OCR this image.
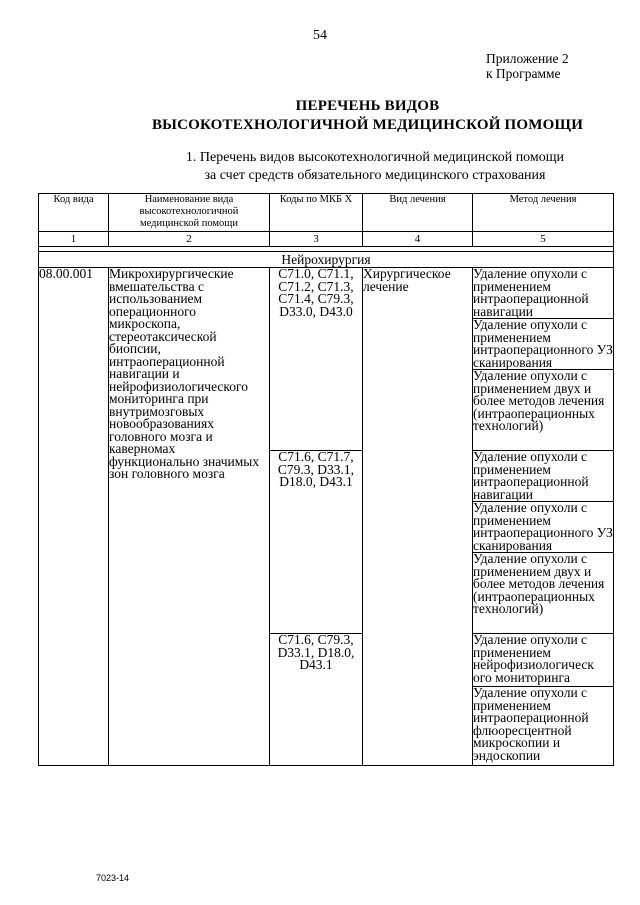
54
Приложение 2
к Программе
ПЕРЕЧЕНЬ ВИДОВ
ВЫСОКОТЕХНОЛОГИЧНОЙ МЕДИЦИНСКОЙ ПОМОЩИ
1. Перечень видов высокотехнологичной медицинской помощи
за счет средств обязательного медицинского страхования
Код вида	Наименование вида высокотехнологичной медицинской помощи	Коды по МКБ X	Вид лечения	Метод лечения
1	2	3	4	5

Нейрохирургия				
08.00.001	Микрохирургические вмешательства с использованием операционного микроскопа, стереотаксической биопсии, интраоперационной навигации и нейрофизиологического мониторинга при внутримозговых новообразованиях головного мозга и каверномах функционально значимых зон головного мозга	C71.0, C71.1, C71.2, C71.3, C71.4, C79.3, D33.0, D43.0	Хирургическое лечение	Удаление опухоли с применением интраоперационной навигации
				Удаление опухоли с применением интраоперационного УЗ сканирования
				Удаление опухоли с применением двух и более методов лечения (интраоперационных технологий)
		C71.6, C71.7, C79.3, D33.1, D18.0, D43.1		Удаление опухоли с применением интраоперационной навигации
				Удаление опухоли с применением интраоперационного УЗ сканирования
				Удаление опухоли с применением двух и более методов лечения (интраоперационных технологий)
		C71.6, C79.3, D33.1, D18.0, D43.1		Удаление опухоли с применением нейрофизиологическ ого мониторинга
				Удаление опухоли с применением интраоперационной флюоресцентной микроскопии и эндоскопии
7023-14
